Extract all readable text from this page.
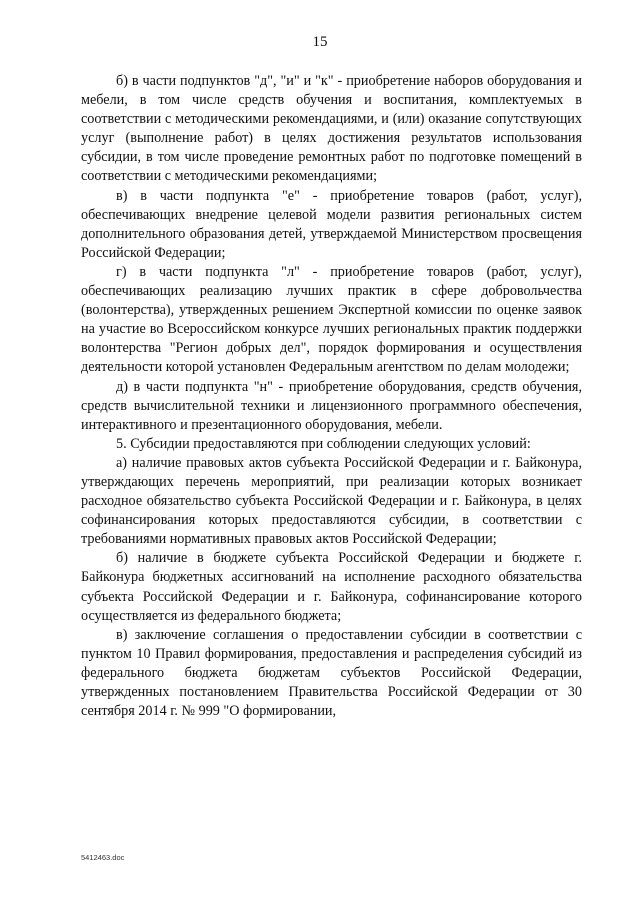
15

б) в части подпунктов "д", "и" и "к" - приобретение наборов оборудования и мебели, в том числе средств обучения и воспитания, комплектуемых в соответствии с методическими рекомендациями, и (или) оказание сопутствующих услуг (выполнение работ) в целях достижения результатов использования субсидии, в том числе проведение ремонтных работ по подготовке помещений в соответствии с методическими рекомендациями;

в) в части подпункта "е" - приобретение товаров (работ, услуг), обеспечивающих внедрение целевой модели развития региональных систем дополнительного образования детей, утверждаемой Министерством просвещения Российской Федерации;

г) в части подпункта "л" - приобретение товаров (работ, услуг), обеспечивающих реализацию лучших практик в сфере добровольчества (волонтерства), утвержденных решением Экспертной комиссии по оценке заявок на участие во Всероссийском конкурсе лучших региональных практик поддержки волонтерства "Регион добрых дел", порядок формирования и осуществления деятельности которой установлен Федеральным агентством по делам молодежи;

д) в части подпункта "н" - приобретение оборудования, средств обучения, средств вычислительной техники и лицензионного программного обеспечения, интерактивного и презентационного оборудования, мебели.

5. Субсидии предоставляются при соблюдении следующих условий:

а) наличие правовых актов субъекта Российской Федерации и г. Байконура, утверждающих перечень мероприятий, при реализации которых возникает расходное обязательство субъекта Российской Федерации и г. Байконура, в целях софинансирования которых предоставляются субсидии, в соответствии с требованиями нормативных правовых актов Российской Федерации;

б) наличие в бюджете субъекта Российской Федерации и бюджете г. Байконура бюджетных ассигнований на исполнение расходного обязательства субъекта Российской Федерации и г. Байконура, софинансирование которого осуществляется из федерального бюджета;

в) заключение соглашения о предоставлении субсидии в соответствии с пунктом 10 Правил формирования, предоставления и распределения субсидий из федерального бюджета бюджетам субъектов Российской Федерации, утвержденных постановлением Правительства Российской Федерации от 30 сентября 2014 г. № 999 "О формировании,

5412463.doc
